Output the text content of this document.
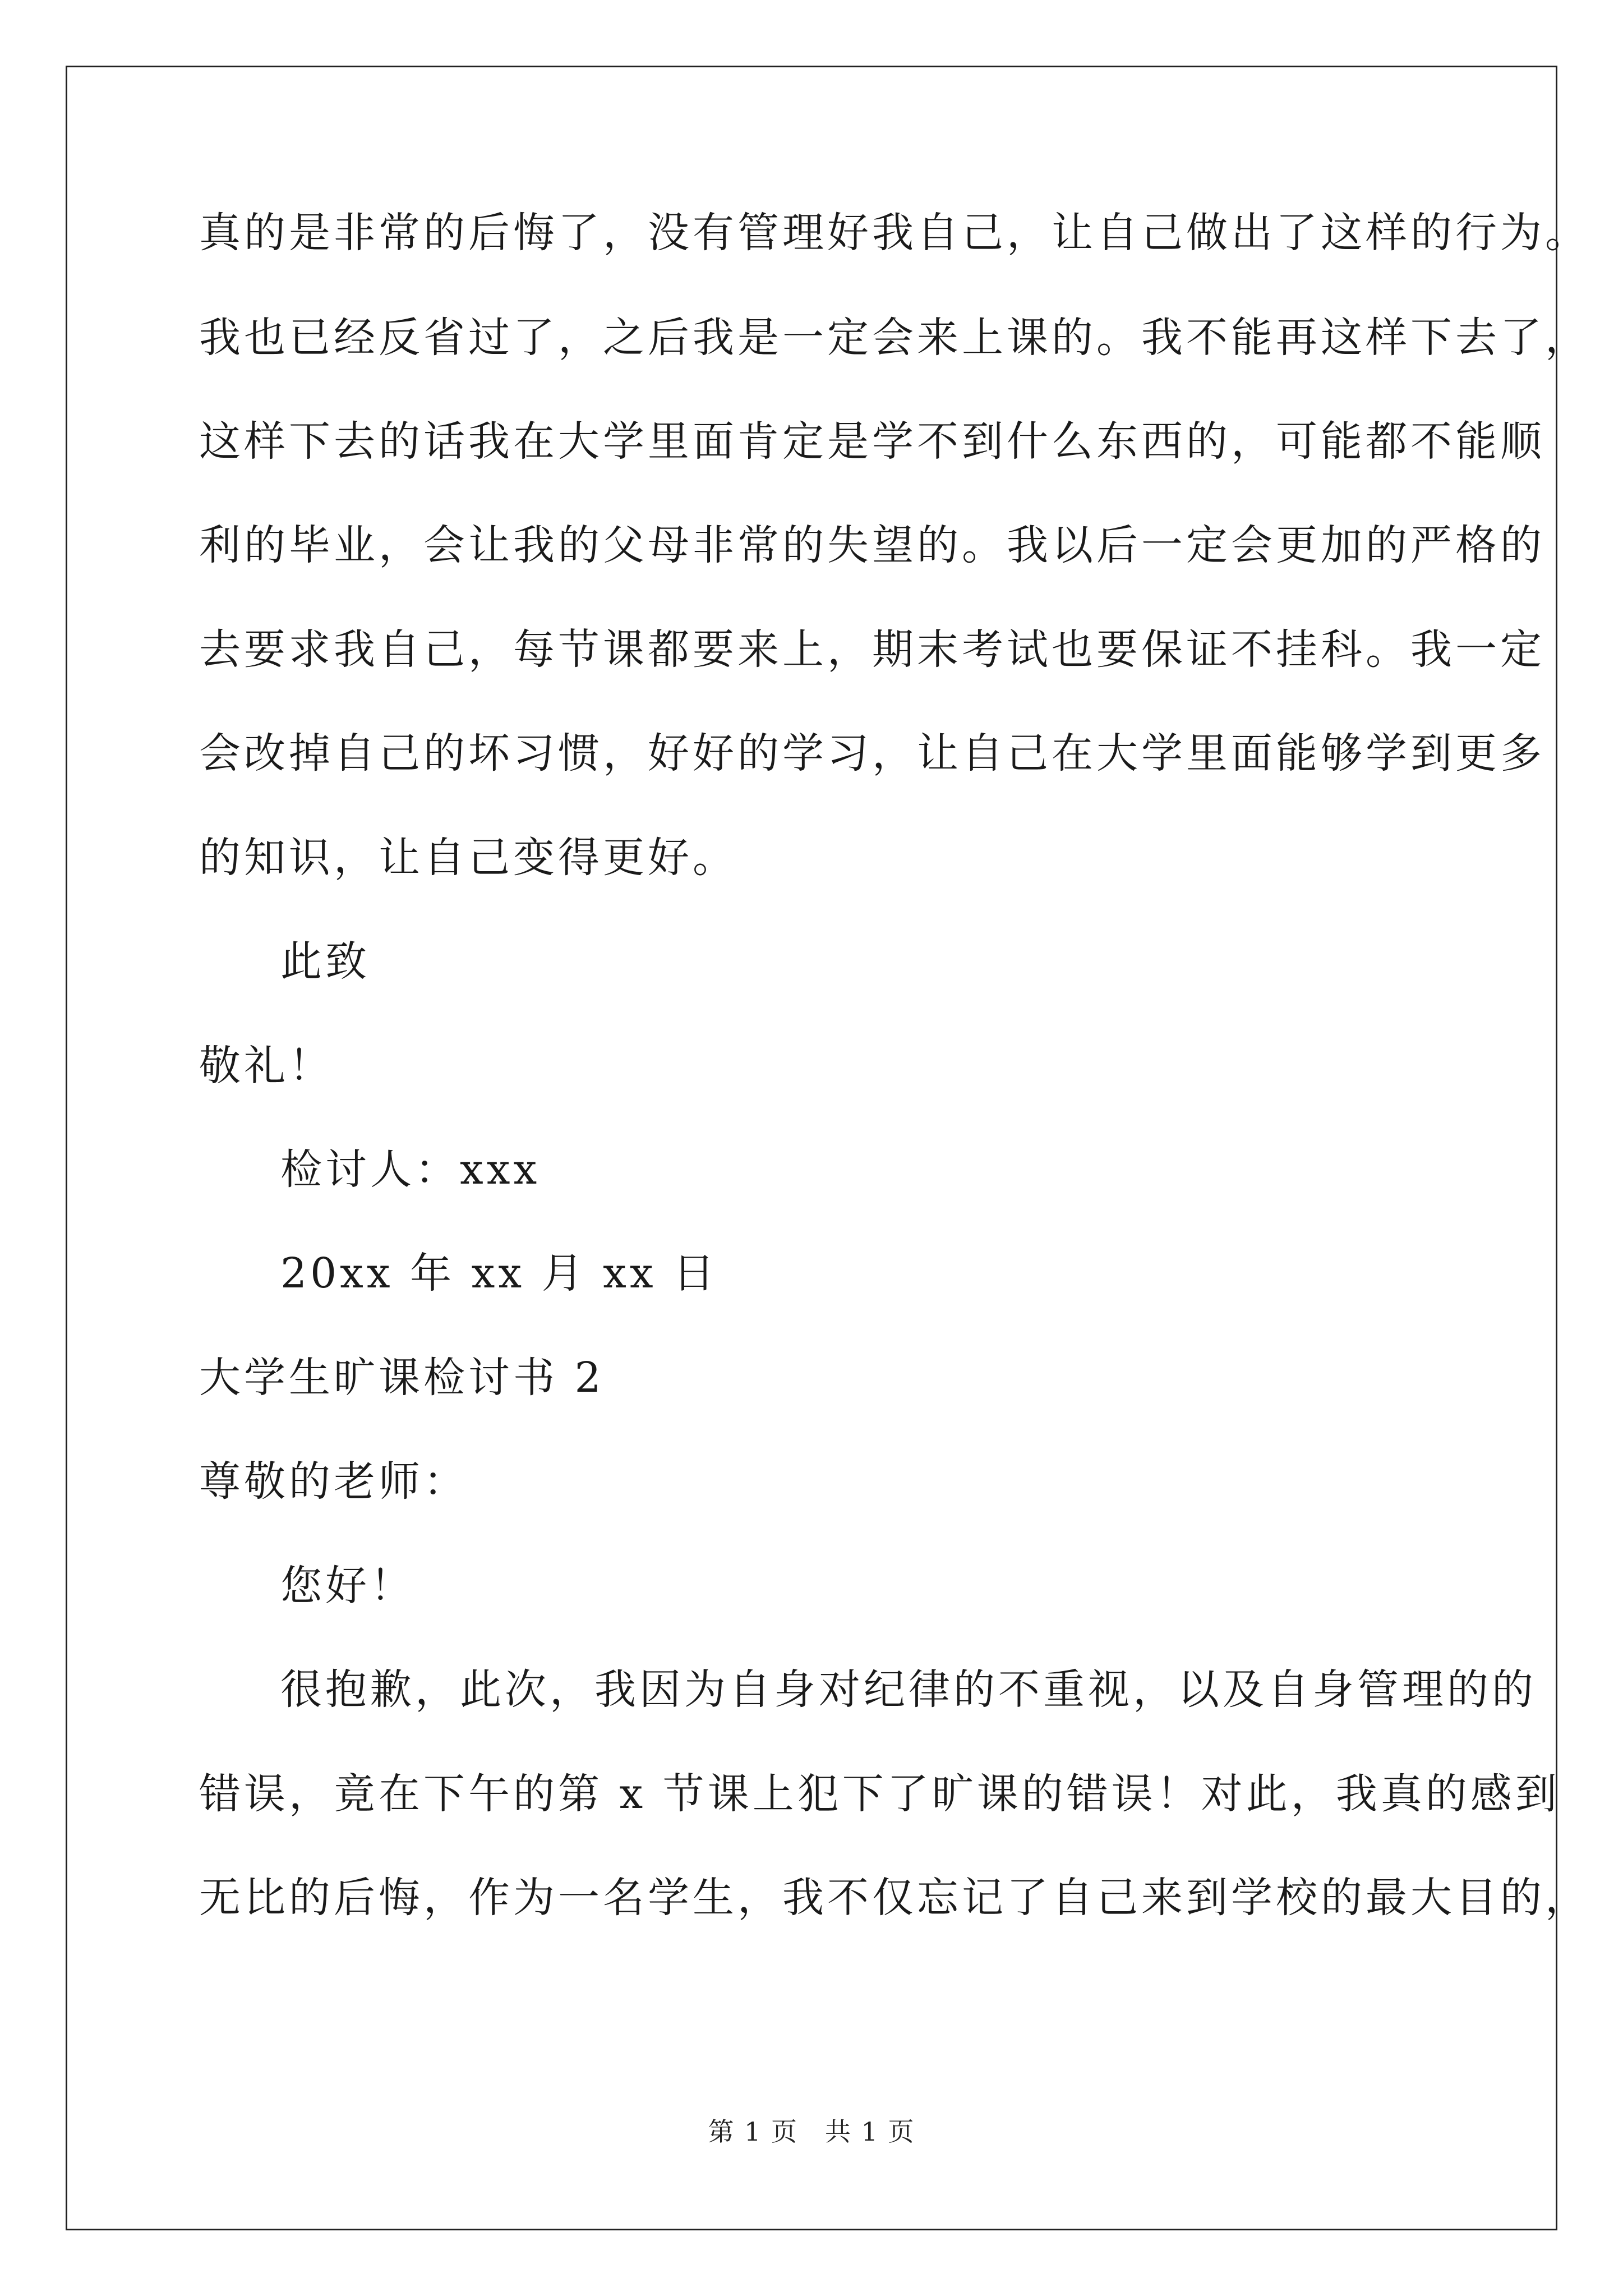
真的是非常的后悔了，没有管理好我自己，让自己做出了这样的行为。
我也已经反省过了，之后我是一定会来上课的。我不能再这样下去了，
这样下去的话我在大学里面肯定是学不到什么东西的，可能都不能顺
利的毕业，会让我的父母非常的失望的。我以后一定会更加的严格的
去要求我自己，每节课都要来上，期末考试也要保证不挂科。我一定
会改掉自己的坏习惯，好好的学习，让自己在大学里面能够学到更多
的知识，让自己变得更好。
此致
敬礼！
检讨人：xxx
20xx 年 xx 月 xx 日
大学生旷课检讨书 2
尊敬的老师：
您好！
很抱歉，此次，我因为自身对纪律的不重视，以及自身管理的的
错误，竟在下午的第 x 节课上犯下了旷课的错误！对此，我真的感到
无比的后悔，作为一名学生，我不仅忘记了自己来到学校的最大目的，
第 1 页　共 1 页
